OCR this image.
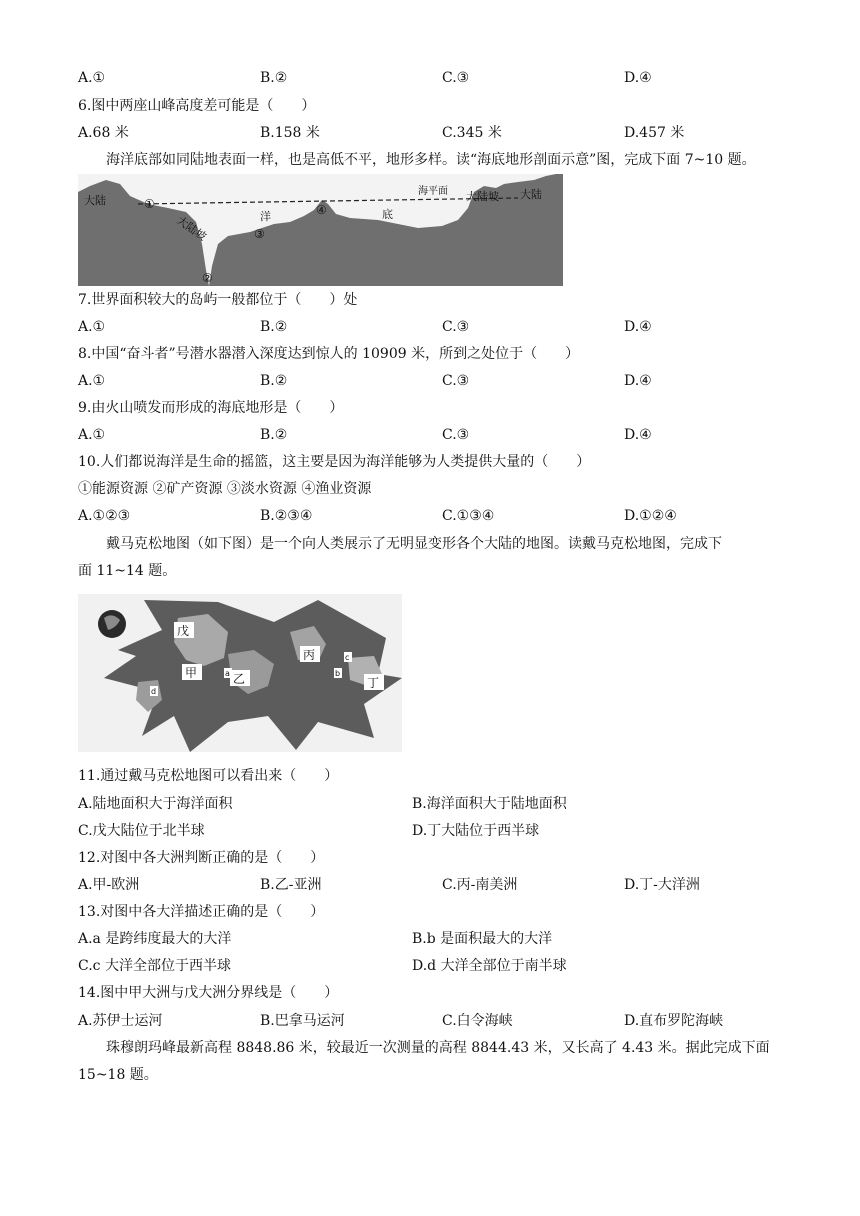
A.①	B.②	C.③	D.④
6.图中两座山峰高度差可能是（　　）
A.68 米	B.158 米	C.345 米	D.457 米
海洋底部如同陆地表面一样，也是高低不平，地形多样。读“海底地形剖面示意”图，完成下面 7~10 题。
大陆	大陆
海平面
大陆坡	洋	底
大陆坡
①
②
③
④
7.世界面积较大的岛屿一般都位于（　　）处
A.①	B.②	C.③	D.④
8.中国“奋斗者”号潜水器潜入深度达到惊人的 10909 米，所到之处位于（　　）
A.①	B.②	C.③	D.④
9.由火山喷发而形成的海底地形是（　　）
A.①	B.②	C.③	D.④
10.人们都说海洋是生命的摇篮，这主要是因为海洋能够为人类提供大量的（　　）
①能源资源 ②矿产资源 ③淡水资源 ④渔业资源
A.①②③	B.②③④	C.①③④	D.①②④
戴马克松地图（如下图）是一个向人类展示了无明显变形各个大陆的地图。读戴马克松地图，完成下
面 11~14 题。
戊
甲	乙
丙
丁
a	b
c
d
11.通过戴马克松地图可以看出来（　　）
A.陆地面积大于海洋面积	B.海洋面积大于陆地面积
C.戊大陆位于北半球	D.丁大陆位于西半球
12.对图中各大洲判断正确的是（　　）
A.甲-欧洲	B.乙-亚洲	C.丙-南美洲	D.丁-大洋洲
13.对图中各大洋描述正确的是（　　）
A.a 是跨纬度最大的大洋	B.b 是面积最大的大洋
C.c 大洋全部位于西半球	D.d 大洋全部位于南半球
14.图中甲大洲与戊大洲分界线是（　　）
A.苏伊士运河	B.巴拿马运河	C.白令海峡	D.直布罗陀海峡
珠穆朗玛峰最新高程 8848.86 米，较最近一次测量的高程 8844.43 米，又长高了 4.43 米。据此完成下面
15~18 题。
